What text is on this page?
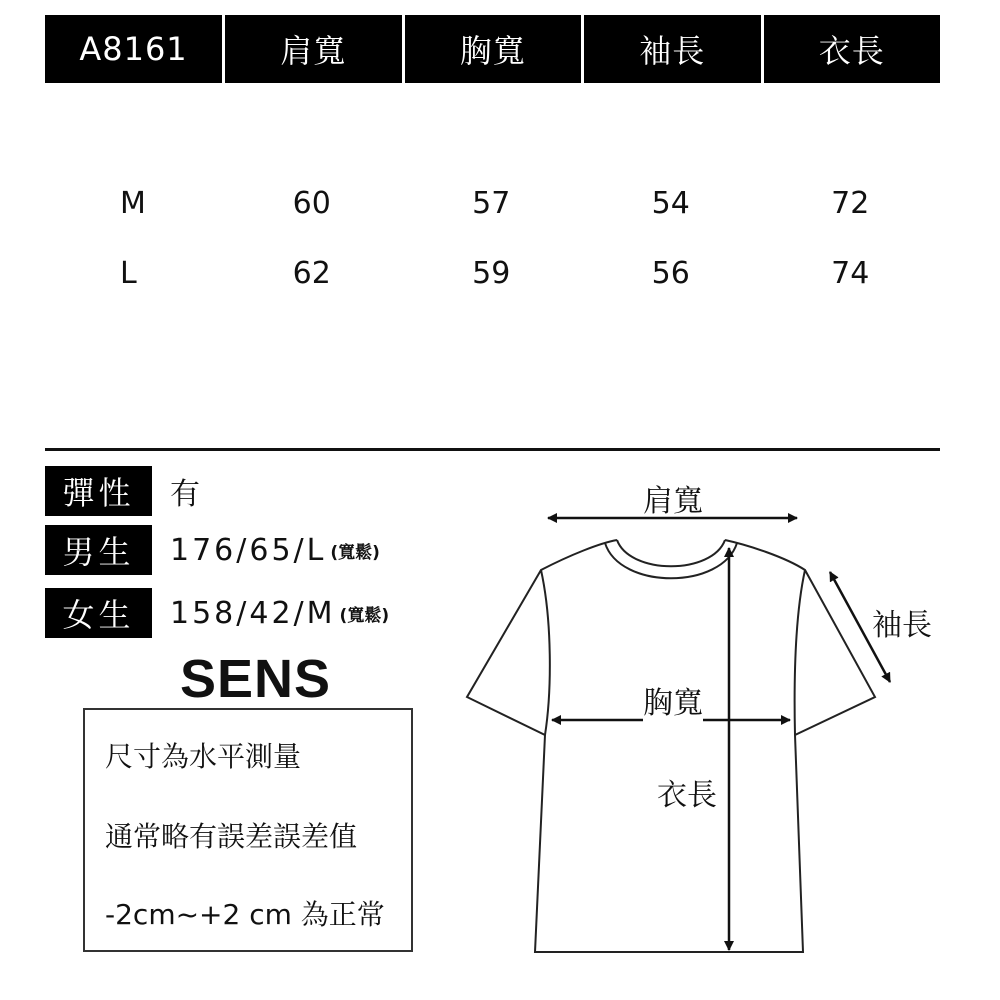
A8161	肩寬	胸寬	袖長	衣長
M	60	57	54	72
L	62	59	56	74
彈性	有
男生	176/65/L (寬鬆)
女生	158/42/M (寬鬆)
SENS
尺寸為水平測量
通常略有誤差誤差值
-2cm~+2 cm 為正常
肩寬
胸寬
袖長
衣長
